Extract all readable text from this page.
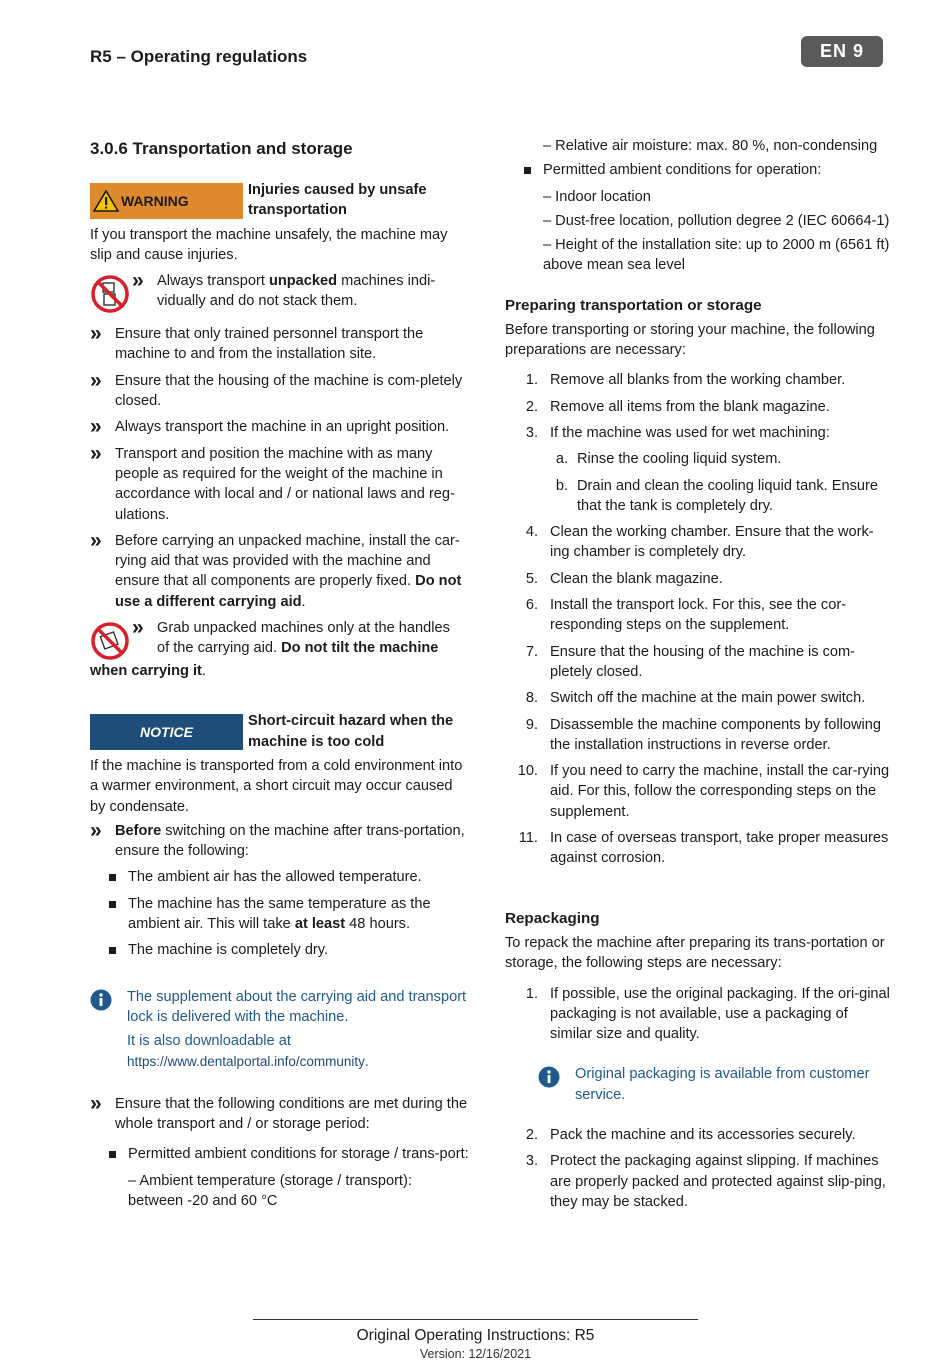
R5 – Operating regulations	EN 9
3.0.6 Transportation and storage
WARNING
Injuries caused by unsafe transportation

If you transport the machine unsafely, the machine may slip and cause injuries.

» Always transport unpacked machines indi-
vidually and do not stack them.
» Ensure that only trained personnel transport the machine to and from the installation site.
» Ensure that the housing of the machine is com-pletely closed.
» Always transport the machine in an upright position.
» Transport and position the machine with as many people as required for the weight of the machine in accordance with local and / or national laws and reg-ulations.
» Before carrying an unpacked machine, install the car-rying aid that was provided with the machine and ensure that all components are properly fixed. Do not use a different carrying aid.
» Grab unpacked machines only at the handles
of the carrying aid. Do not tilt the machine
when carrying it.
NOTICE
Short-circuit hazard when the machine is too cold

If the machine is transported from a cold environment into a warmer environment, a short circuit may occur caused by condensate.

» Before switching on the machine after trans-portation, ensure the following:
The ambient air has the allowed temperature.
The machine has the same temperature as the ambient air. This will take at least 48 hours.
The machine is completely dry.
The supplement about the carrying aid and transport lock is delivered with the machine.
It is also downloadable at
https://www.dentalportal.info/community.
» Ensure that the following conditions are met during the whole transport and / or storage period:
Permitted ambient conditions for storage / trans-port:
– Ambient temperature (storage / transport): between -20 and 60 °C
– Relative air moisture: max. 80 %, non-condensing
Permitted ambient conditions for operation:
– Indoor location
– Dust-free location, pollution degree 2 (IEC 60664-1)
– Height of the installation site: up to 2000 m (6561 ft) above mean sea level
Preparing transportation or storage

Before transporting or storing your machine, the following preparations are necessary:

1. Remove all blanks from the working chamber.
2. Remove all items from the blank magazine.
3. If the machine was used for wet machining:
a. Rinse the cooling liquid system.
b. Drain and clean the cooling liquid tank. Ensure that the tank is completely dry.
4. Clean the working chamber. Ensure that the work-ing chamber is completely dry.
5. Clean the blank magazine.
6. Install the transport lock. For this, see the cor-responding steps on the supplement.
7. Ensure that the housing of the machine is com-pletely closed.
8. Switch off the machine at the main power switch.
9. Disassemble the machine components by following the installation instructions in reverse order.
10. If you need to carry the machine, install the car-rying aid. For this, follow the corresponding steps on the supplement.
11. In case of overseas transport, take proper measures against corrosion.
Repackaging

To repack the machine after preparing its trans-portation or storage, the following steps are necessary:

1. If possible, use the original packaging. If the ori-ginal packaging is not available, use a packaging of similar size and quality.
Original packaging is available from customer service.
2. Pack the machine and its accessories securely.
3. Protect the packaging against slipping. If machines are properly packed and protected against slip-ping, they may be stacked.
Original Operating Instructions: R5
Version: 12/16/2021
